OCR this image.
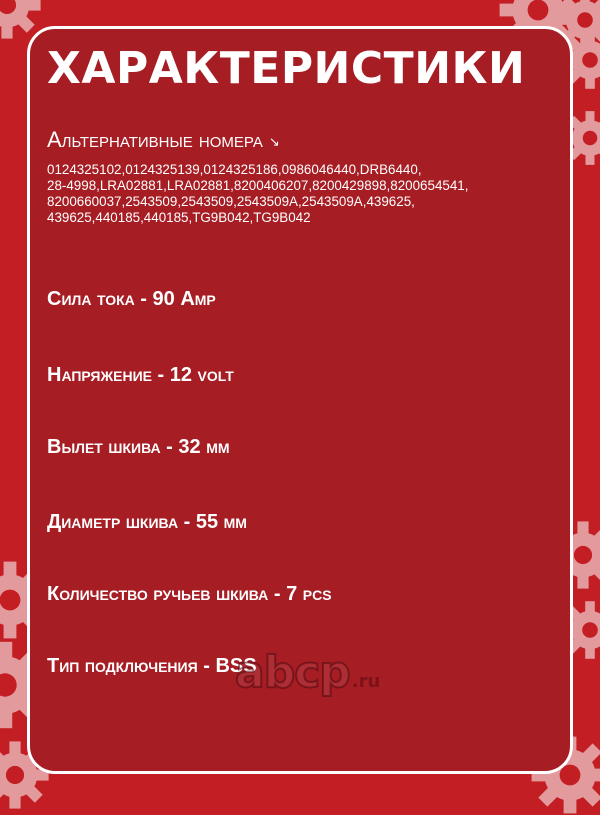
ХАРАКТЕРИСТИКИ
Альтернативные номера ↘
0124325102,0124325139,0124325186,0986046440,DRB6440,
28-4998,LRA02881,LRA02881,8200406207,8200429898,8200654541,
8200660037,2543509,2543509,2543509A,2543509A,439625,
439625,440185,440185,TG9B042,TG9B042
Сила тока - 90 Amp
Напряжение - 12 volt
Вылет шкива - 32 мм
Диаметр шкива - 55 мм
Количество ручьев шкива - 7 pcs
Тип подключения - BSS
abcp .ru
